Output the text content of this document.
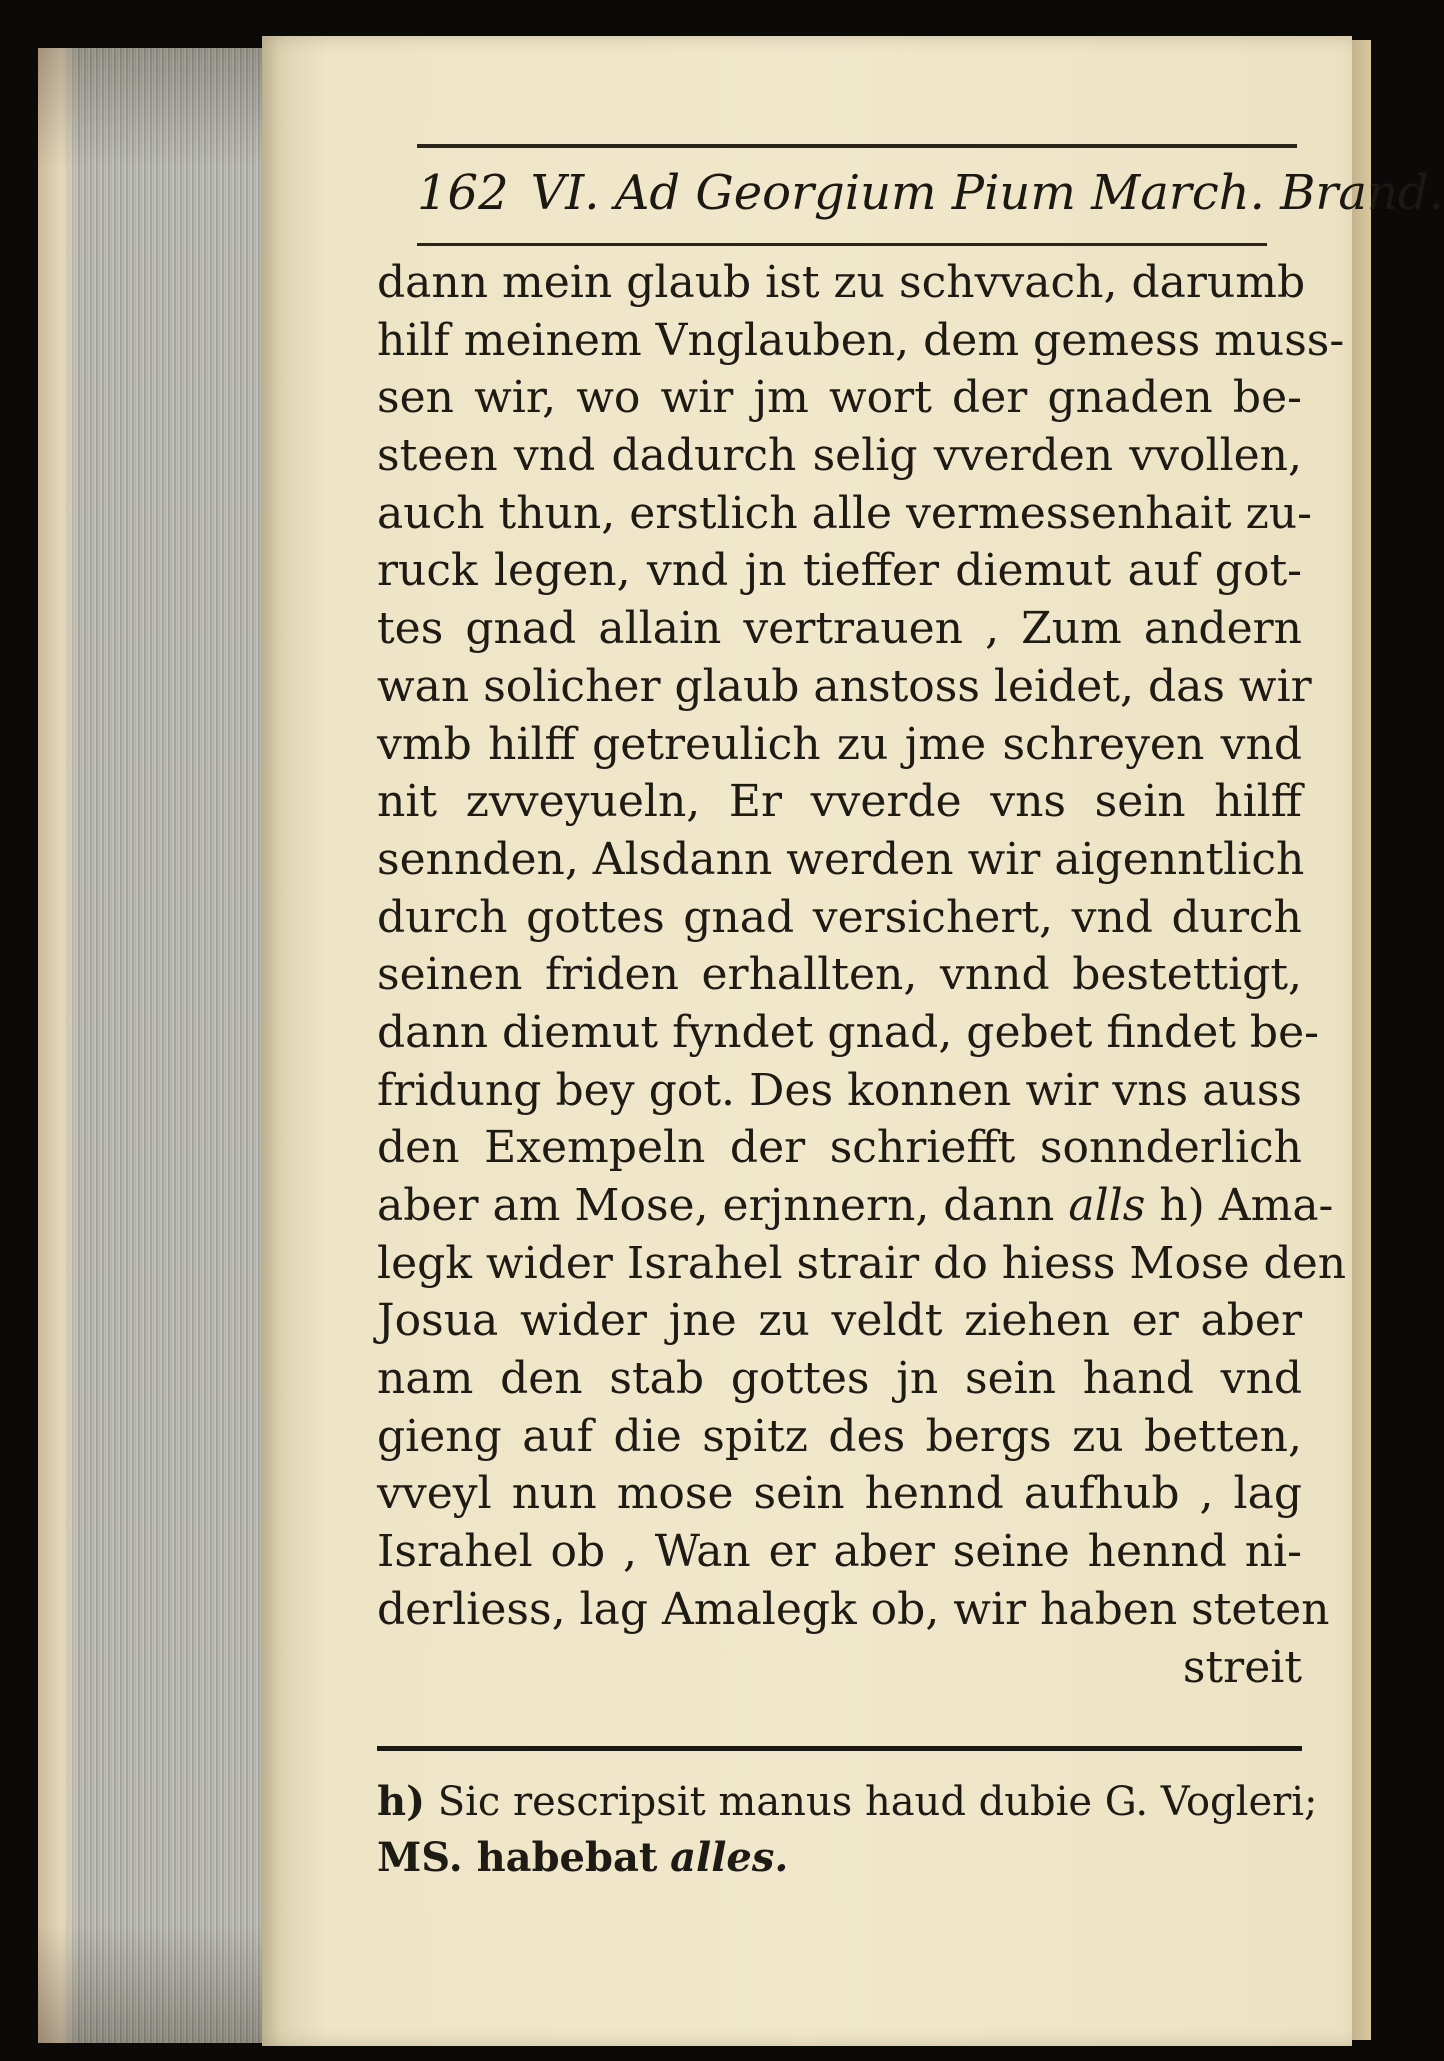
162 VI. Ad Georgium Pium March. Brand.
dann mein glaub ist zu schvvach, darumb
hilf meinem Vnglauben, dem gemess muss-
sen wir, wo wir jm wort der gnaden be-
steen vnd dadurch selig vverden vvollen,
auch thun, erstlich alle vermessenhait zu-
ruck legen, vnd jn tieffer diemut auf got-
tes gnad allain vertrauen , Zum andern
wan solicher glaub anstoss leidet, das wir
vmb hilff getreulich zu jme schreyen vnd
nit zvveyueln, Er vverde vns sein hilff
sennden, Alsdann werden wir aigenntlich
durch gottes gnad versichert, vnd durch
seinen friden erhallten, vnnd bestettigt,
dann diemut fyndet gnad, gebet findet be-
fridung bey got. Des konnen wir vns auss
den Exempeln der schriefft sonnderlich
aber am Mose, erjnnern, dann alls h) Ama-
legk wider Israhel strair do hiess Mose den
Josua wider jne zu veldt ziehen er aber
nam den stab gottes jn sein hand vnd
gieng auf die spitz des bergs zu betten,
vveyl nun mose sein hennd aufhub , lag
Israhel ob , Wan er aber seine hennd ni-
derliess, lag Amalegk ob, wir haben steten
streit
h) Sic rescripsit manus haud dubie G. Vogleri;
MS. habebat alles.
